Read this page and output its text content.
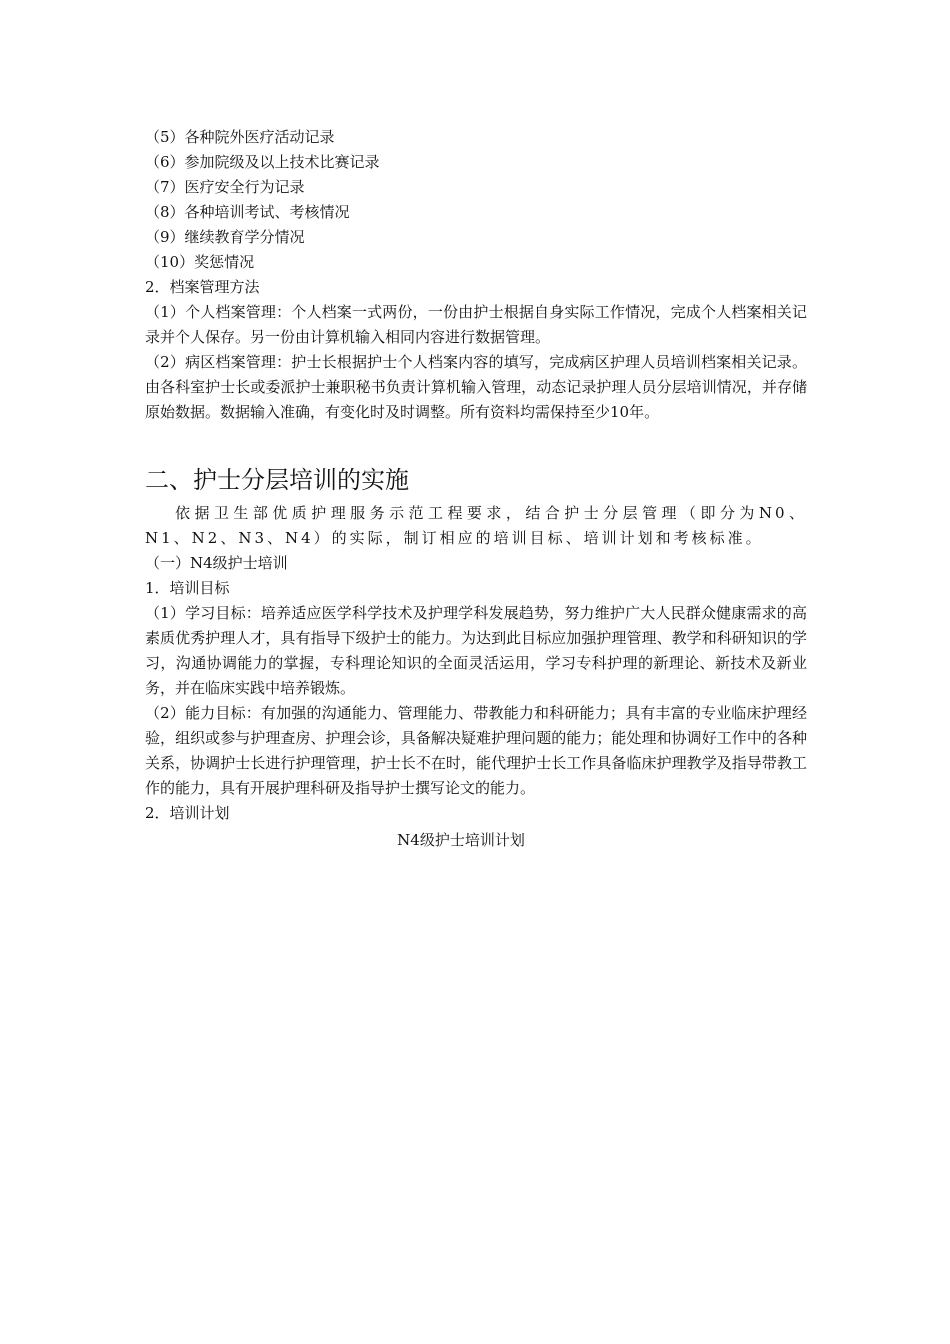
（5）各种院外医疗活动记录

（6）参加院级及以上技术比赛记录

（7）医疗安全行为记录

（8）各种培训考试、考核情况

（9）继续教育学分情况

（10）奖惩情况

2．档案管理方法

（1）个人档案管理：个人档案一式两份，一份由护士根据自身实际工作情况，完成个人档案相关记录并个人保存。另一份由计算机输入相同内容进行数据管理。

（2）病区档案管理：护士长根据护士个人档案内容的填写，完成病区护理人员培训档案相关记录。由各科室护士长或委派护士兼职秘书负责计算机输入管理，动态记录护理人员分层培训情况，并存储原始数据。数据输入准确，有变化时及时调整。所有资料均需保持至少10年。

二、护士分层培训的实施

依据卫生部优质护理服务示范工程要求，结合护士分层管理（即分为N0、N1、N2、N3、N4）的实际，制订相应的培训目标、培训计划和考核标准。

（一）N4级护士培训

1．培训目标

（1）学习目标：培养适应医学科学技术及护理学科发展趋势，努力维护广大人民群众健康需求的高素质优秀护理人才，具有指导下级护士的能力。为达到此目标应加强护理管理、教学和科研知识的学习，沟通协调能力的掌握，专科理论知识的全面灵活运用，学习专科护理的新理论、新技术及新业务，并在临床实践中培养锻炼。

（2）能力目标：有加强的沟通能力、管理能力、带教能力和科研能力；具有丰富的专业临床护理经验，组织或参与护理查房、护理会诊，具备解决疑难护理问题的能力；能处理和协调好工作中的各种关系，协调护士长进行护理管理，护士长不在时，能代理护士长工作具备临床护理教学及指导带教工作的能力，具有开展护理科研及指导护士撰写论文的能力。

2．培训计划

N4级护士培训计划
